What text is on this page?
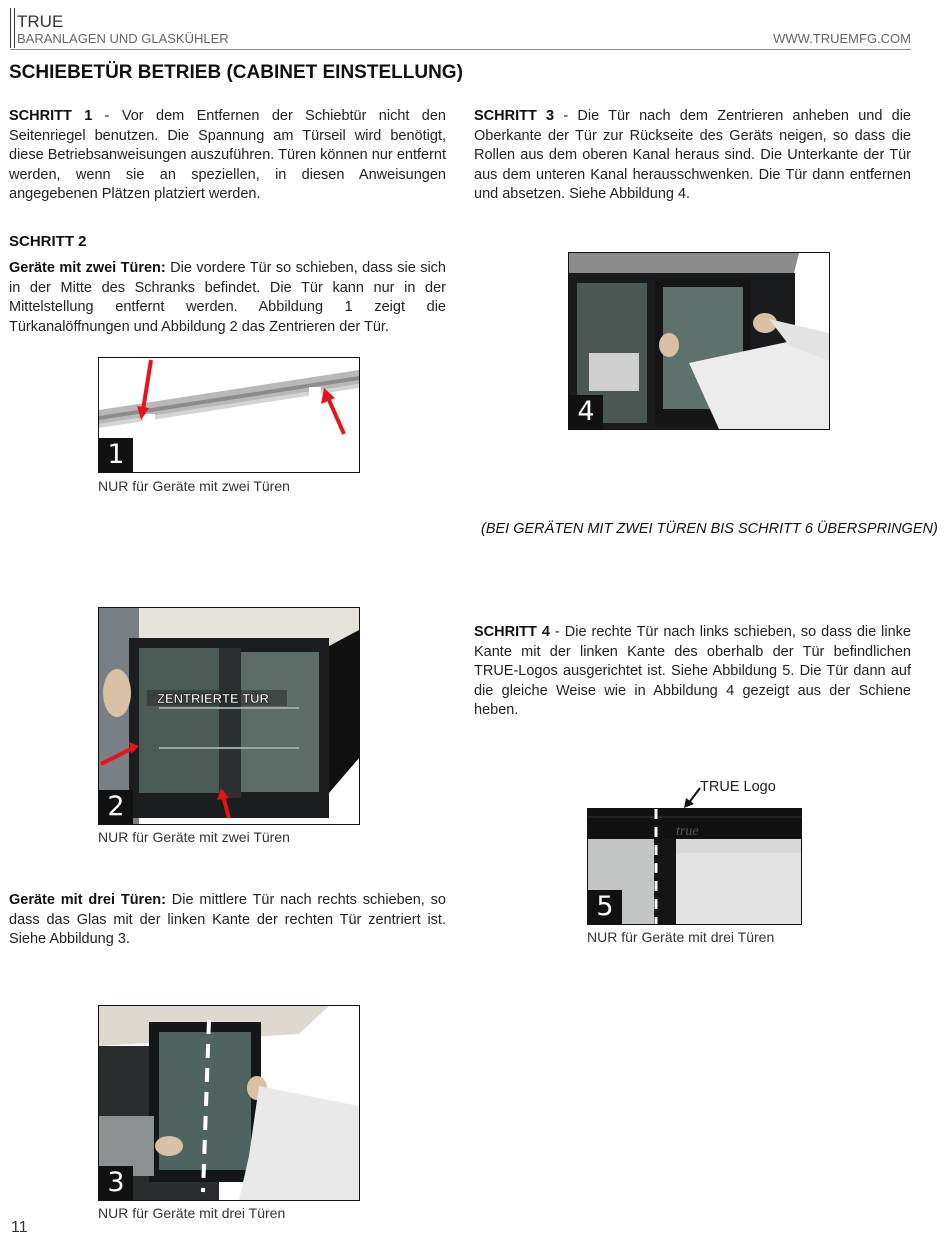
TRUE
BARANLAGEN UND GLASKÜHLER	WWW.TRUEMFG.COM
SCHIEBETÜR BETRIEB (CABINET EINSTELLUNG)
SCHRITT 1 - Vor dem Entfernen der Schiebtür nicht den Seitenriegel benutzen. Die Spannung am Türseil wird benötigt, diese Betriebsanweisungen auszuführen. Türen können nur entfernt werden, wenn sie an speziellen, in diesen Anweisungen angegebenen Plätzen platziert werden.
SCHRITT 2
Geräte mit zwei Türen: Die vordere Tür so schieben, dass sie sich in der Mitte des Schranks befindet. Die Tür kann nur in der Mittelstellung entfernt werden. Abbildung 1 zeigt die Türkanalöffnungen und Abbildung 2 das Zentrieren der Tür.
1
NUR für Geräte mit zwei Türen
ZENTRIERTE TÜR
2
NUR für Geräte mit zwei Türen
Geräte mit drei Türen: Die mittlere Tür nach rechts schieben, so dass das Glas mit der linken Kante der rechten Tür zentriert ist. Siehe Abbildung 3.
3
NUR für Geräte mit drei Türen
SCHRITT 3 - Die Tür nach dem Zentrieren anheben und die Oberkante der Tür zur Rückseite des Geräts neigen, so dass die Rollen aus dem oberen Kanal heraus sind. Die Unterkante der Tür aus dem unteren Kanal herausschwenken. Die Tür dann entfernen und absetzen. Siehe Abbildung 4.
4
(BEI GERÄTEN MIT ZWEI TÜREN BIS SCHRITT 6 ÜBERSPRINGEN)
SCHRITT 4 - Die rechte Tür nach links schieben, so dass die linke Kante mit der linken Kante des oberhalb der Tür befindlichen TRUE-Logos ausgerichtet ist. Siehe Abbildung 5. Die Tür dann auf die gleiche Weise wie in Abbildung 4 gezeigt aus der Schiene heben.
TRUE Logo
true
5
NUR für Geräte mit drei Türen
11
